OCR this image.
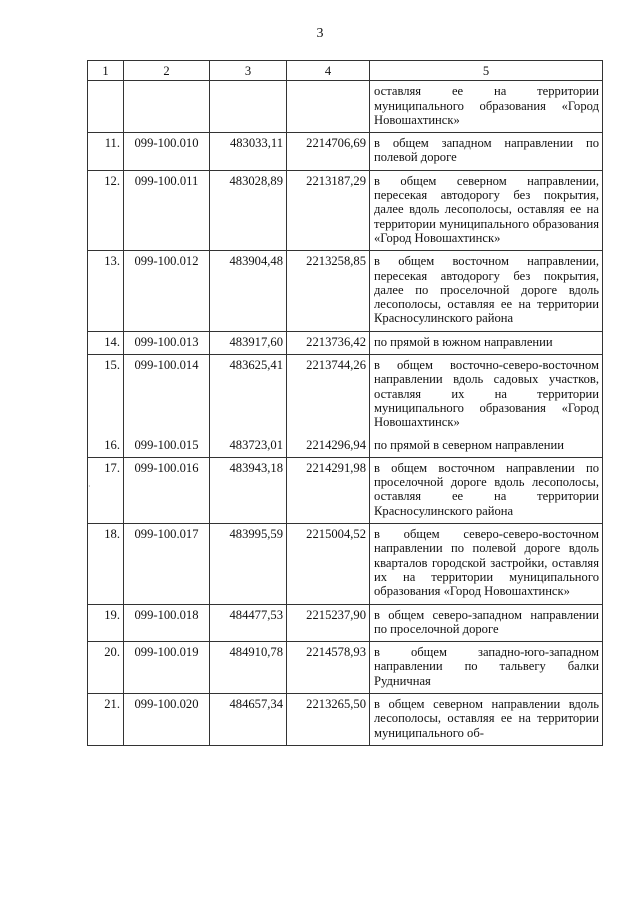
3
·
1	2	3	4	5
				оставляя ее на территории муниципального образования «Город Новошахтинск»
11.	099-100.010	483033,11	2214706,69	в общем западном направлении по полевой дороге
12.	099-100.011	483028,89	2213187,29	в общем северном направлении, пересекая автодорогу без покрытия, далее вдоль лесополосы, оставляя ее на территории муниципального образования «Город Новошахтинск»
13.	099-100.012	483904,48	2213258,85	в общем восточном направлении, пересекая автодорогу без покрытия, далее по проселочной дороге вдоль лесополосы, оставляя ее на территории Красносулинского района
14.	099-100.013	483917,60	2213736,42	по прямой в южном направлении
15.	099-100.014	483625,41	2213744,26	в общем восточно-северо-восточном направлении вдоль садовых участков, оставляя их на территории муниципального образования «Город Новошахтинск»
16.	099-100.015	483723,01	2214296,94	по прямой в северном направлении
17.	099-100.016	483943,18	2214291,98	в общем восточном направлении по проселочной дороге вдоль лесополосы, оставляя ее на территории Красносулинского района
18.	099-100.017	483995,59	2215004,52	в общем северо-северо-восточном направлении по полевой дороге вдоль кварталов городской застройки, оставляя их на территории муниципального образования «Город Новошахтинск»
19.	099-100.018	484477,53	2215237,90	в общем северо-западном направлении по проселочной дороге
20.	099-100.019	484910,78	2214578,93	в общем западно-юго-западном направлении по тальвегу балки Рудничная
21.	099-100.020	484657,34	2213265,50	в общем северном направлении вдоль лесополосы, оставляя ее на территории муниципального об-
